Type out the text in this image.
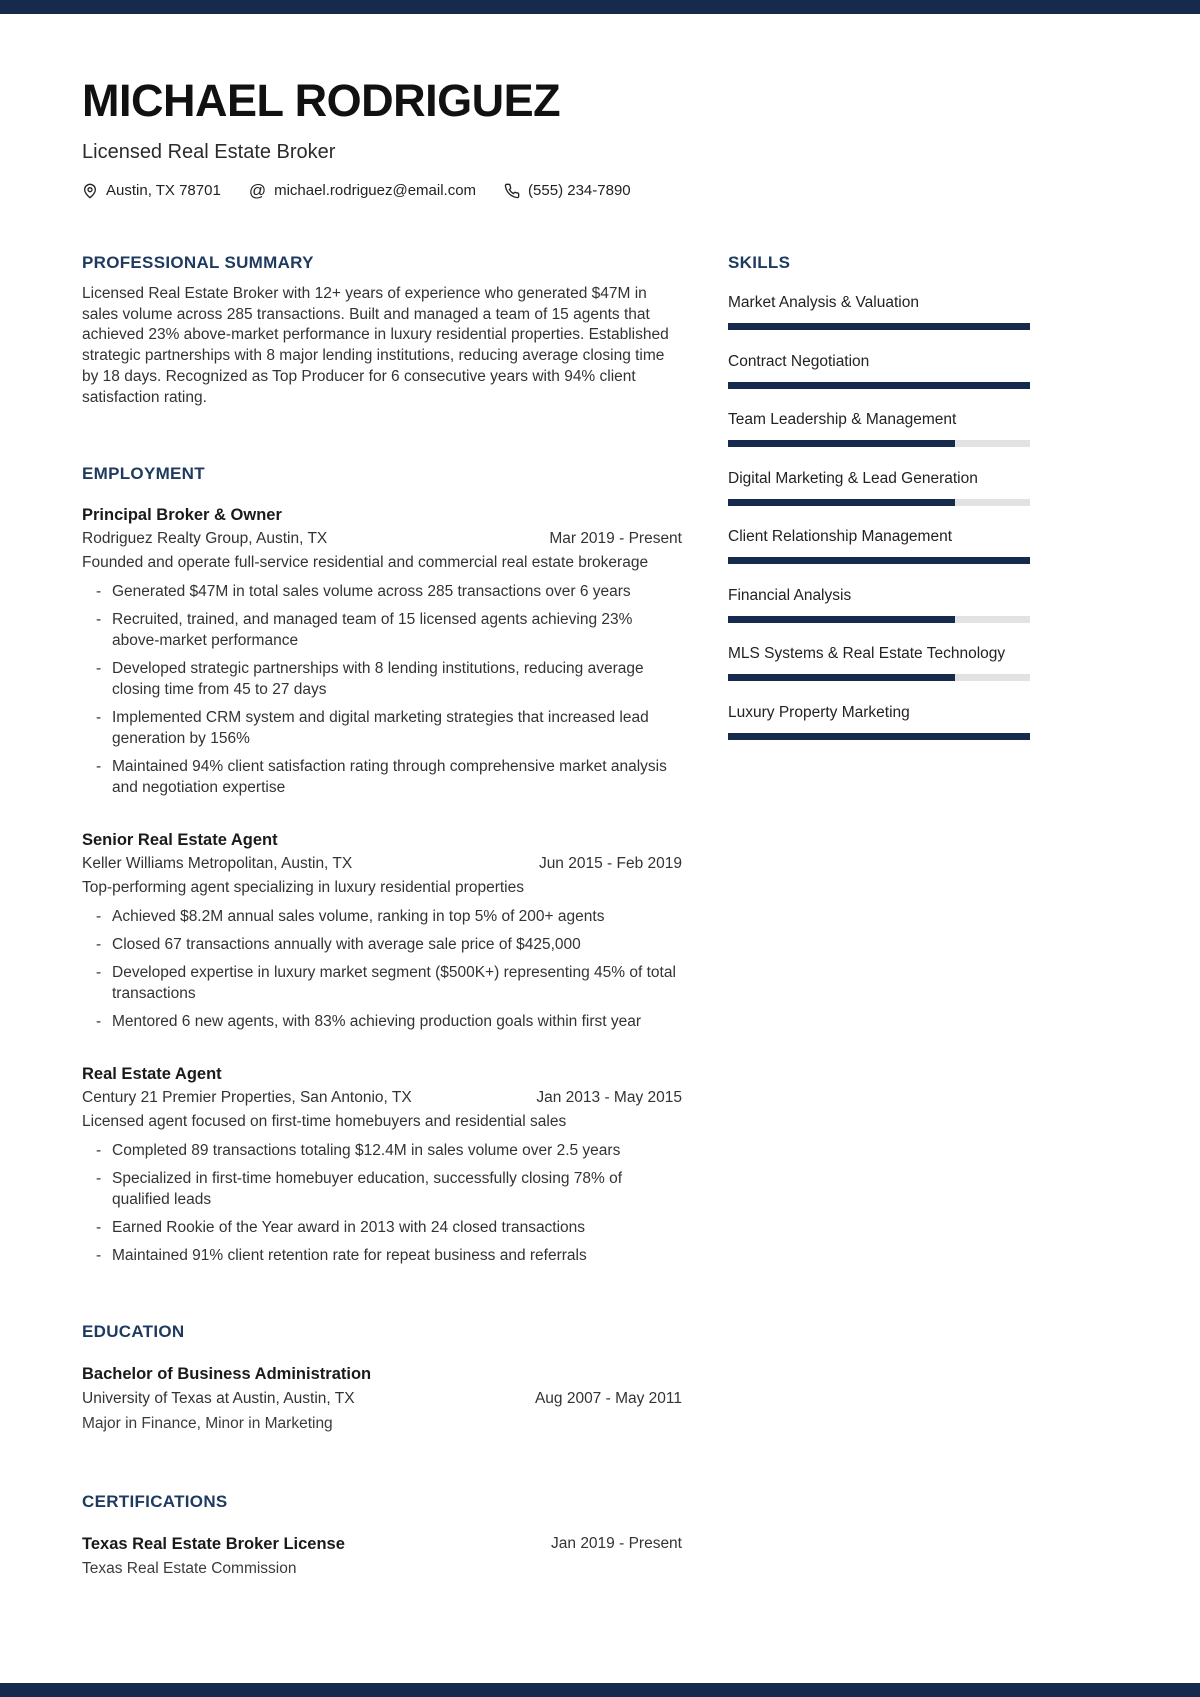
MICHAEL RODRIGUEZ
Licensed Real Estate Broker
Austin, TX 78701 @ michael.rodriguez@email.com	(555) 234-7890
PROFESSIONAL SUMMARY
Licensed Real Estate Broker with 12+ years of experience who generated $47M in sales volume across 285 transactions. Built and managed a team of 15 agents that achieved 23% above-market performance in luxury residential properties. Established strategic partnerships with 8 major lending institutions, reducing average closing time by 18 days. Recognized as Top Producer for 6 consecutive years with 94% client satisfaction rating.
EMPLOYMENT
Principal Broker & Owner
Rodriguez Realty Group, Austin, TX	Mar 2019 - Present
Founded and operate full-service residential and commercial real estate brokerage
- Generated $47M in total sales volume across 285 transactions over 6 years
- Recruited, trained, and managed team of 15 licensed agents achieving 23% above-market performance
- Developed strategic partnerships with 8 lending institutions, reducing average closing time from 45 to 27 days
- Implemented CRM system and digital marketing strategies that increased lead generation by 156%
- Maintained 94% client satisfaction rating through comprehensive market analysis and negotiation expertise
Senior Real Estate Agent
Keller Williams Metropolitan, Austin, TX	Jun 2015 - Feb 2019
Top-performing agent specializing in luxury residential properties
- Achieved $8.2M annual sales volume, ranking in top 5% of 200+ agents
- Closed 67 transactions annually with average sale price of $425,000
- Developed expertise in luxury market segment ($500K+) representing 45% of total transactions
- Mentored 6 new agents, with 83% achieving production goals within first year
Real Estate Agent
Century 21 Premier Properties, San Antonio, TX	Jan 2013 - May 2015
Licensed agent focused on first-time homebuyers and residential sales
- Completed 89 transactions totaling $12.4M in sales volume over 2.5 years
- Specialized in first-time homebuyer education, successfully closing 78% of qualified leads
- Earned Rookie of the Year award in 2013 with 24 closed transactions
- Maintained 91% client retention rate for repeat business and referrals
EDUCATION
Bachelor of Business Administration
University of Texas at Austin, Austin, TX	Aug 2007 - May 2011
Major in Finance, Minor in Marketing
CERTIFICATIONS
Texas Real Estate Broker License	Jan 2019 - Present
Texas Real Estate Commission
SKILLS
Market Analysis & Valuation
Contract Negotiation
Team Leadership & Management
Digital Marketing & Lead Generation
Client Relationship Management
Financial Analysis
MLS Systems & Real Estate Technology
Luxury Property Marketing
